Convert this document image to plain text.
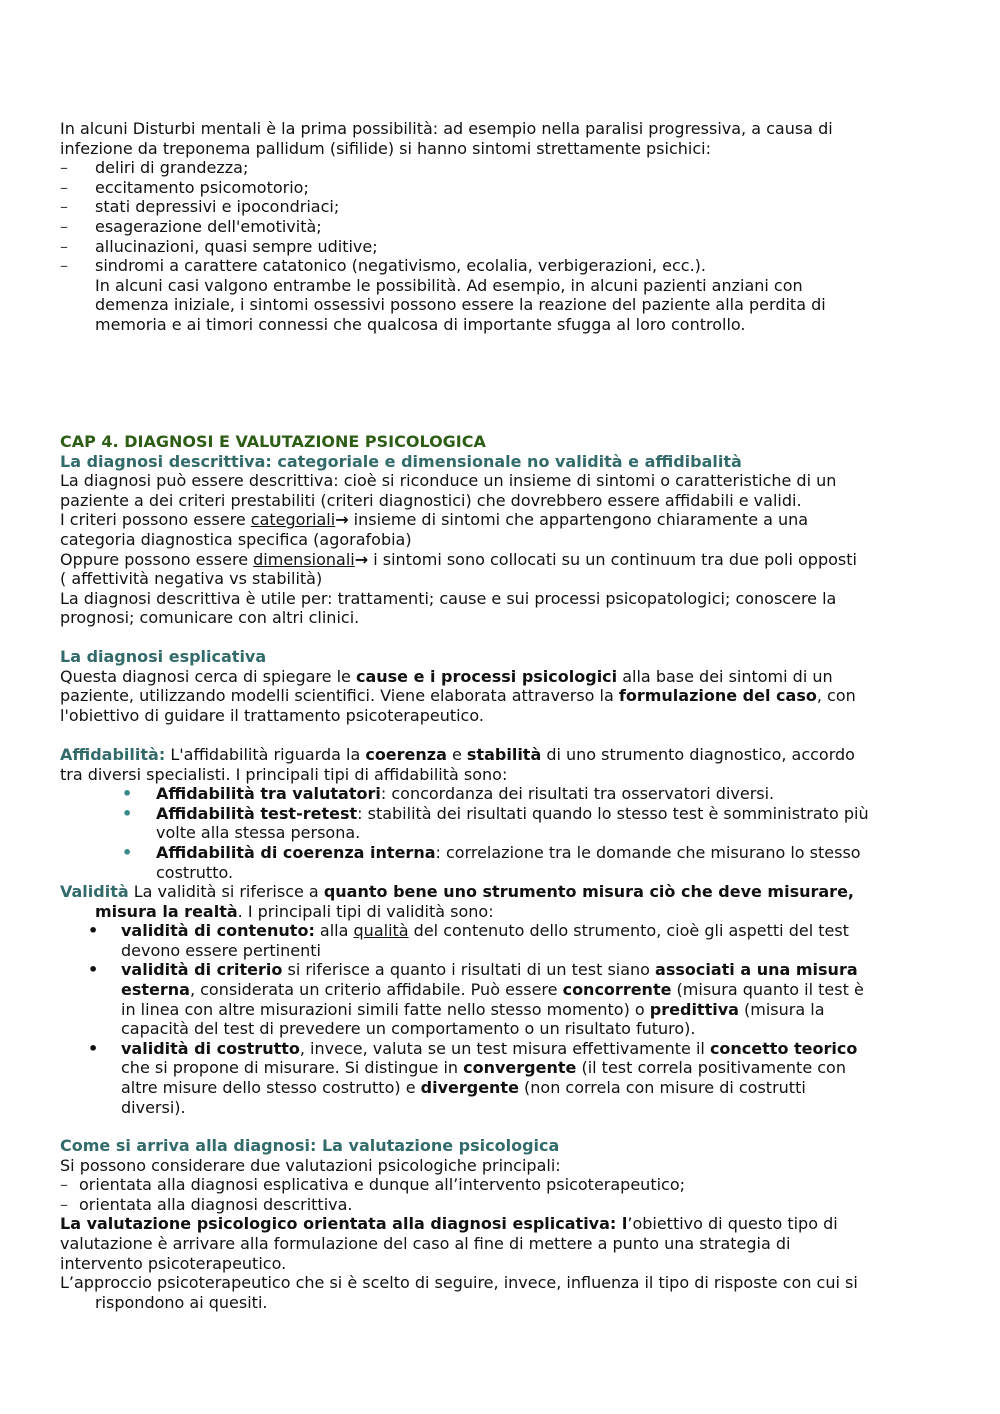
In alcuni Disturbi mentali è la prima possibilità: ad esempio nella paralisi progressiva, a causa di
infezione da treponema pallidum (sifilide) si hanno sintomi strettamente psichici:
– deliri di grandezza;
– eccitamento psicomotorio;
– stati depressivi e ipocondriaci;
– esagerazione dell'emotività;
– allucinazioni, quasi sempre uditive;
– sindromi a carattere catatonico (negativismo, ecolalia, verbigerazioni, ecc.).
In alcuni casi valgono entrambe le possibilità. Ad esempio, in alcuni pazienti anziani con
demenza iniziale, i sintomi ossessivi possono essere la reazione del paziente alla perdita di
memoria e ai timori connessi che qualcosa di importante sfugga al loro controllo.
CAP 4. DIAGNOSI E VALUTAZIONE PSICOLOGICA
La diagnosi descrittiva: categoriale e dimensionale no validità e affidibalità
La diagnosi può essere descrittiva: cioè si riconduce un insieme di sintomi o caratteristiche di un
paziente a dei criteri prestabiliti (criteri diagnostici) che dovrebbero essere affidabili e validi.
I criteri possono essere categoriali→ insieme di sintomi che appartengono chiaramente a una
categoria diagnostica specifica (agorafobia)
Oppure possono essere dimensionali→ i sintomi sono collocati su un continuum tra due poli opposti
( affettività negativa vs stabilità)
La diagnosi descrittiva è utile per: trattamenti; cause e sui processi psicopatologici; conoscere la
prognosi; comunicare con altri clinici.
La diagnosi esplicativa
Questa diagnosi cerca di spiegare le cause e i processi psicologici alla base dei sintomi di un
paziente, utilizzando modelli scientifici. Viene elaborata attraverso la formulazione del caso, con
l'obiettivo di guidare il trattamento psicoterapeutico.
Affidabilità: L'affidabilità riguarda la coerenza e stabilità di uno strumento diagnostico, accordo
tra diversi specialisti. I principali tipi di affidabilità sono:
• Affidabilità tra valutatori: concordanza dei risultati tra osservatori diversi.
• Affidabilità test-retest: stabilità dei risultati quando lo stesso test è somministrato più
volte alla stessa persona.
• Affidabilità di coerenza interna: correlazione tra le domande che misurano lo stesso
costrutto.
Validità La validità si riferisce a quanto bene uno strumento misura ciò che deve misurare,
misura la realtà. I principali tipi di validità sono:
• validità di contenuto: alla qualità del contenuto dello strumento, cioè gli aspetti del test
devono essere pertinenti
• validità di criterio si riferisce a quanto i risultati di un test siano associati a una misura
esterna, considerata un criterio affidabile. Può essere concorrente (misura quanto il test è
in linea con altre misurazioni simili fatte nello stesso momento) o predittiva (misura la
capacità del test di prevedere un comportamento o un risultato futuro).
• validità di costrutto, invece, valuta se un test misura effettivamente il concetto teorico
che si propone di misurare. Si distingue in convergente (il test correla positivamente con
altre misure dello stesso costrutto) e divergente (non correla con misure di costrutti
diversi).
Come si arriva alla diagnosi: La valutazione psicologica
Si possono considerare due valutazioni psicologiche principali:
– orientata alla diagnosi esplicativa e dunque all’intervento psicoterapeutico;
– orientata alla diagnosi descrittiva.
La valutazione psicologico orientata alla diagnosi esplicativa: l’obiettivo di questo tipo di
valutazione è arrivare alla formulazione del caso al fine di mettere a punto una strategia di
intervento psicoterapeutico.
L’approccio psicoterapeutico che si è scelto di seguire, invece, influenza il tipo di risposte con cui si
rispondono ai quesiti.
